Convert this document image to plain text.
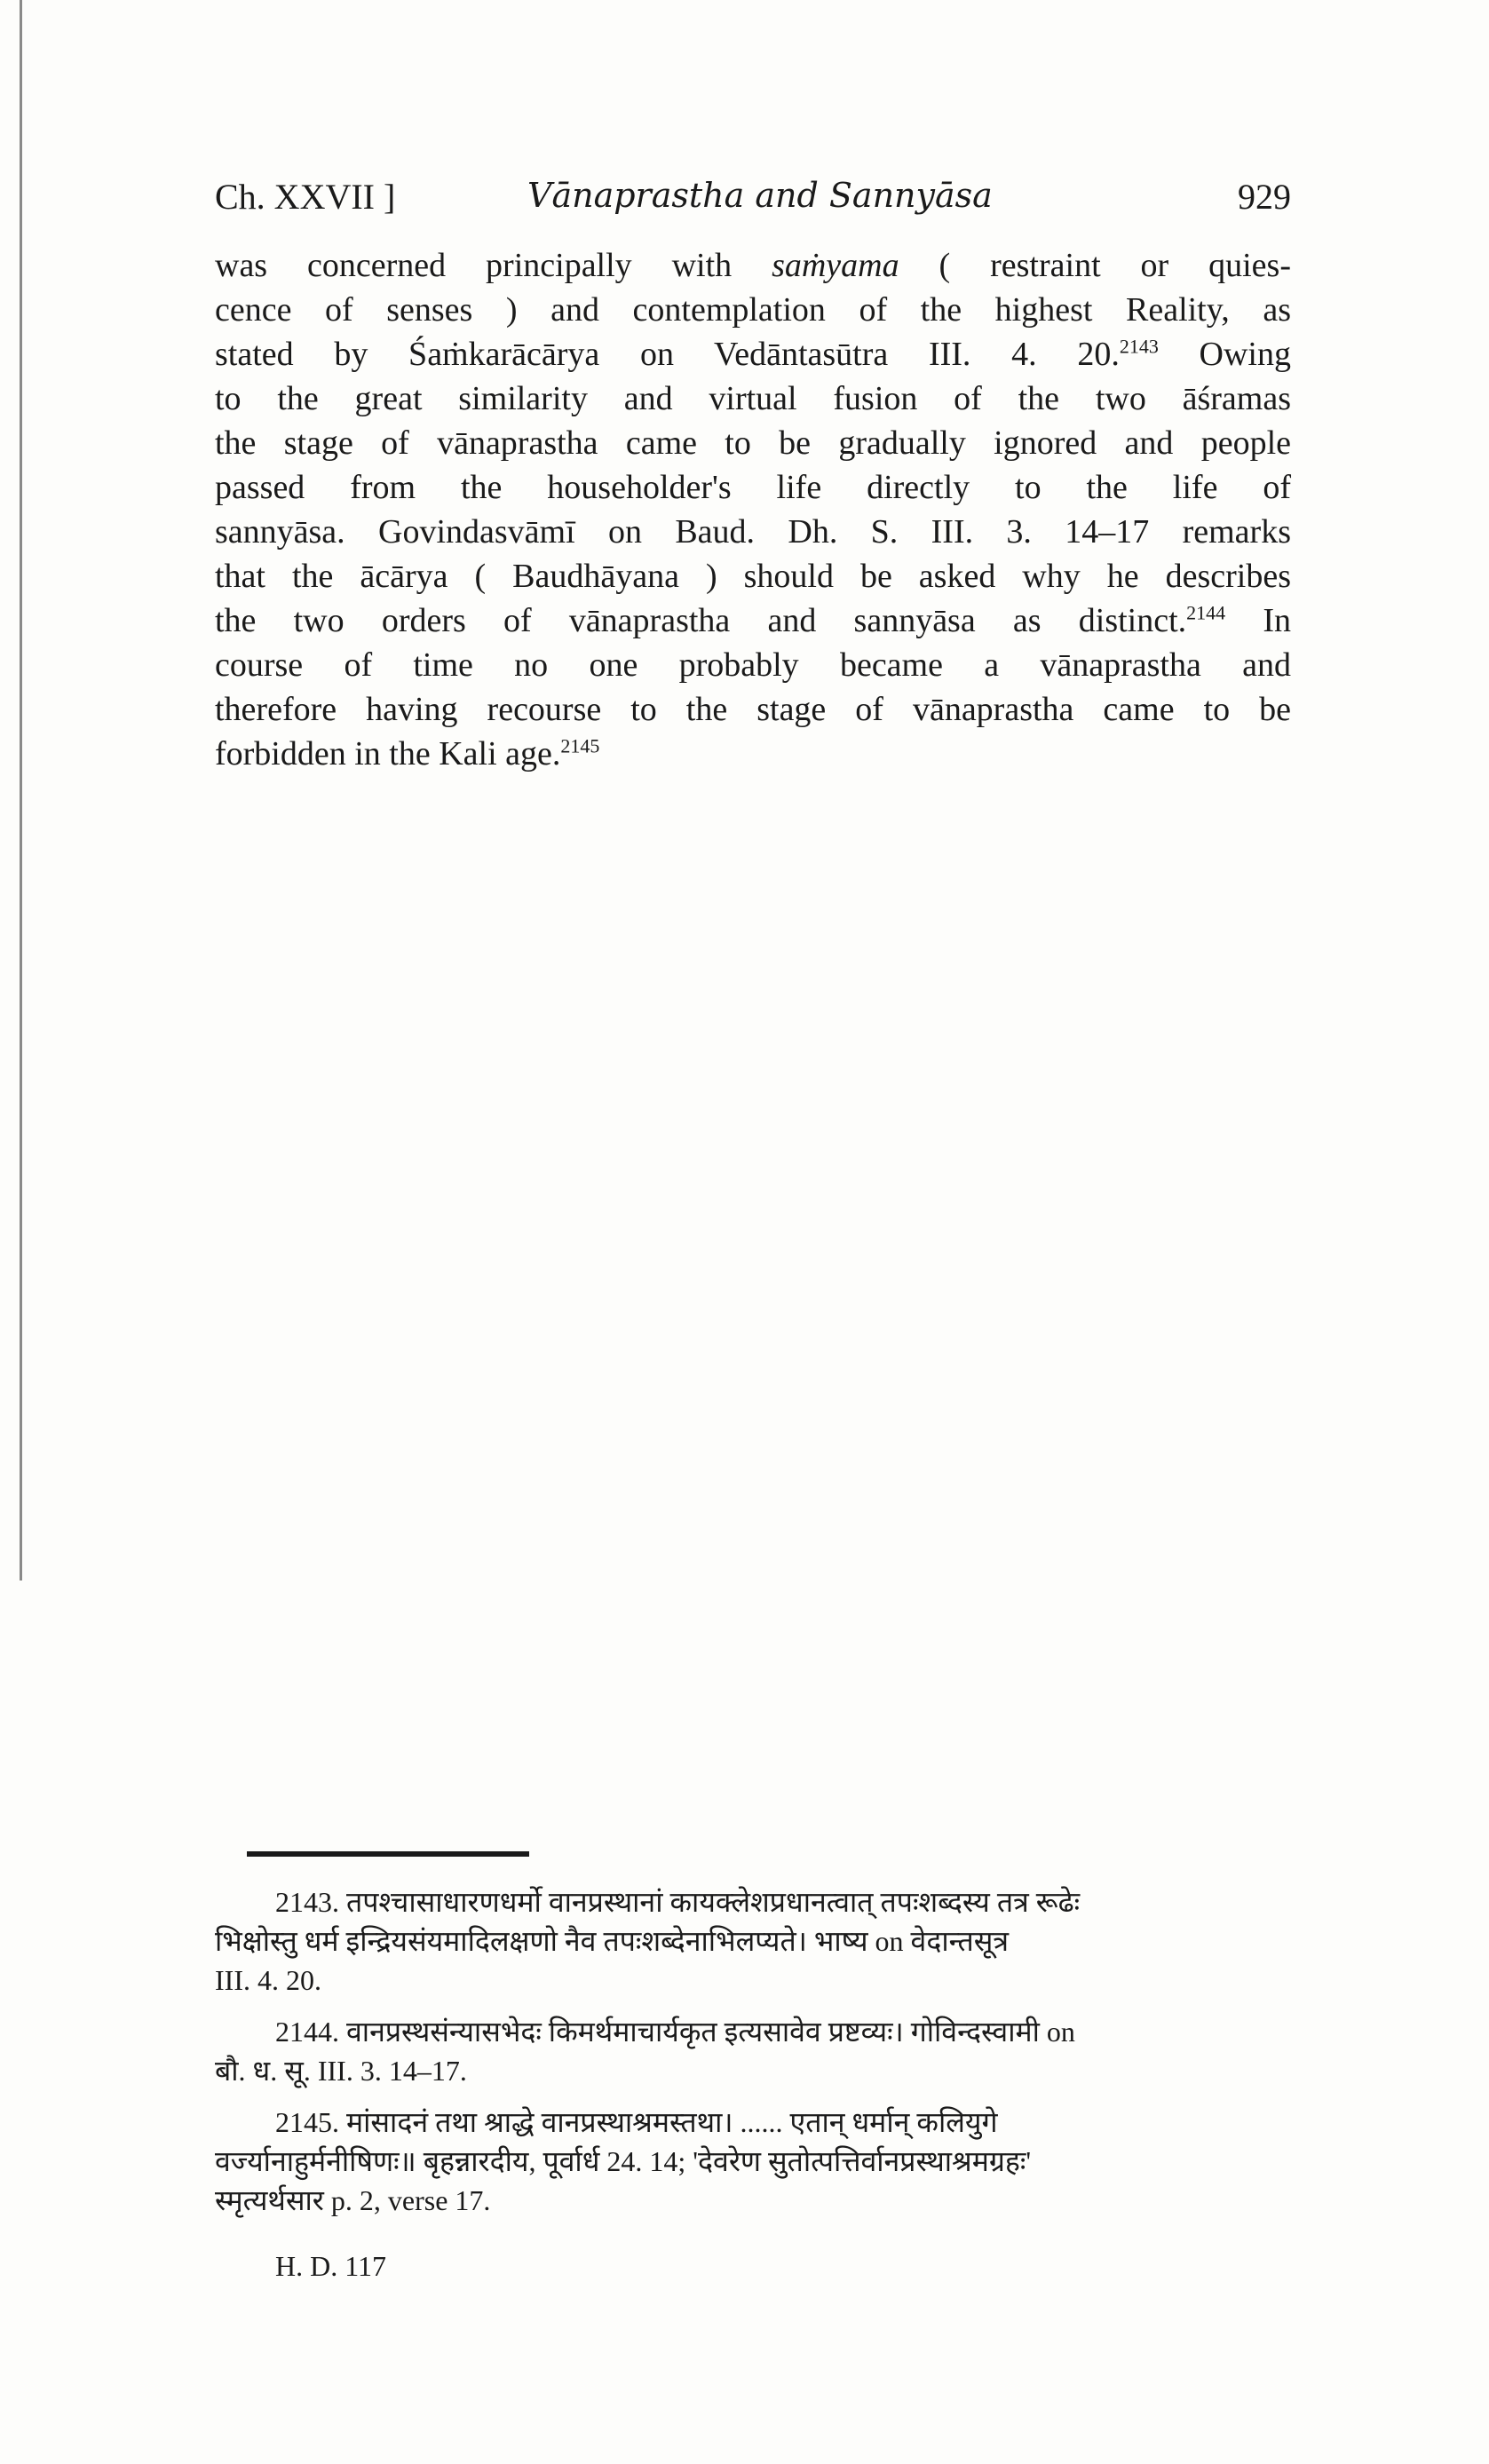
Ch. XXVII ]	Vānaprastha and Sannyāsa	929
was concerned principally with saṁyama ( restraint or quies-
cence of senses ) and contemplation of the highest Reality, as
stated by Śaṁkarācārya on Vedāntasūtra III. 4. 20.$^{2143}$ Owing
to the great similarity and virtual fusion of the two āśramas
the stage of vānaprastha came to be gradually ignored and people
passed from the householder's life directly to the life of
sannyāsa. Govindasvāmī on Baud. Dh. S. III. 3. 14–17 remarks
that the ācārya ( Baudhāyana ) should be asked why he describes
the two orders of vānaprastha and sannyāsa as distinct.$^{2144}$ In
course of time no one probably became a vānaprastha and
therefore having recourse to the stage of vānaprastha came to be
forbidden in the Kali age.$^{2145}$
2143. तपश्चासाधारणधर्मो वानप्रस्थानां कायक्लेशप्रधानत्वात् तपःशब्दस्य तत्र रूढेः
भिक्षोस्तु धर्म इन्द्रियसंयमादिलक्षणो नैव तपःशब्देनाभिलप्यते। भाष्य on वेदान्तसूत्र
III. 4. 20.
2144. वानप्रस्थसंन्यासभेदः किमर्थमाचार्यकृत इत्यसावेव प्रष्टव्यः। गोविन्दस्वामी on
बौ. ध. सू. III. 3. 14–17.
2145. मांसादनं तथा श्राद्धे वानप्रस्थाश्रमस्तथा। ...... एतान् धर्मान् कलियुगे
वर्ज्यानाहुर्मनीषिणः॥ बृहन्नारदीय, पूर्वार्ध 24. 14; 'देवरेण सुतोत्पत्तिर्वानप्रस्थाश्रमग्रहः'
स्मृत्यर्थसार p. 2, verse 17.
H. D. 117
